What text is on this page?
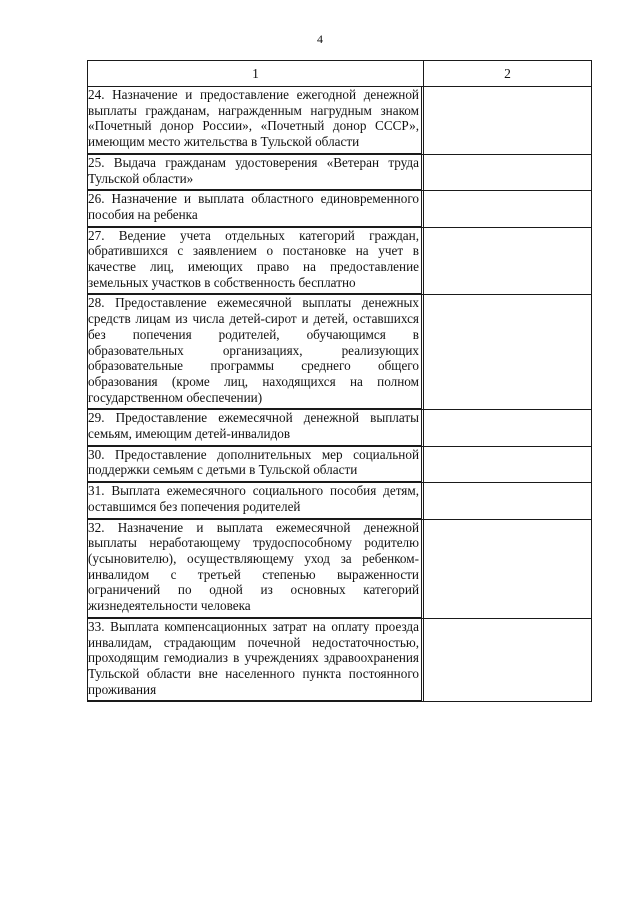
4
1	2

24. Назначение и предоставление ежегодной денежной выплаты гражданам, награжденным нагрудным знаком «Почетный донор России», «Почетный донор СССР», имеющим место жительства в Тульской области	

25. Выдача гражданам удостоверения «Ветеран труда Тульской области»	

26. Назначение и выплата областного единовременного пособия на ребенка	

27. Ведение учета отдельных категорий граждан, обратившихся с заявлением о постановке на учет в качестве лиц, имеющих право на предоставление земельных участков в собственность бесплатно	

28. Предоставление ежемесячной выплаты денежных средств лицам из числа детей-сирот и детей, оставшихся без попечения родителей, обучающимся в образовательных организациях, реализующих образовательные программы среднего общего образования (кроме лиц, находящихся на полном государственном обеспечении)	

29. Предоставление ежемесячной денежной выплаты семьям, имеющим детей-инвалидов	

30. Предоставление дополнительных мер социальной поддержки семьям с детьми в Тульской области	

31. Выплата ежемесячного социального пособия детям, оставшимся без попечения родителей	

32. Назначение и выплата ежемесячной денежной выплаты неработающему трудоспособному родителю (усыновителю), осуществляющему уход за ребенком-инвалидом с третьей степенью выраженности ограничений по одной из основных категорий жизнедеятельности человека	

33. Выплата компенсационных затрат на оплату проезда инвалидам, страдающим почечной недостаточностью, проходящим гемодиализ в учреждениях здравоохранения Тульской области вне населенного пункта постоянного проживания	
